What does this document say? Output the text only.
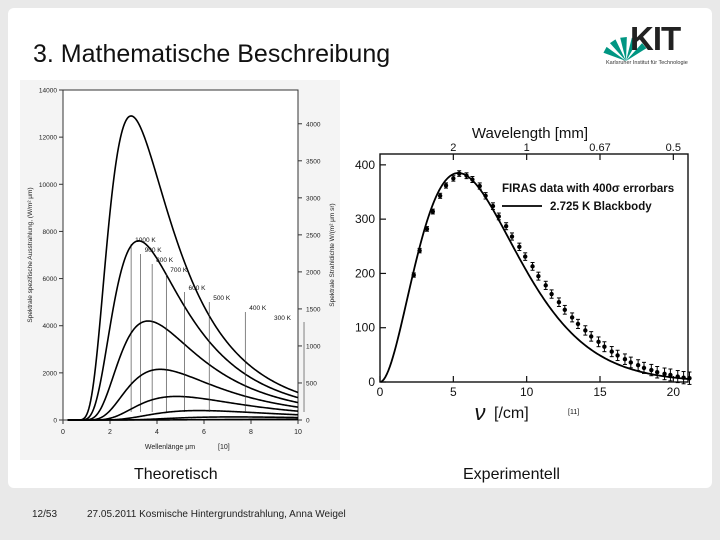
3. Mathematische Beschreibung	KIT
Karlsruher Institut für Technologie
0	2	4	6	8	10
0
2000
4000
6000
8000
10000
12000
14000
0
500
1000
1500
2000
2500
3000
3500
4000
Wellenlänge μm	[10]
Spektrale spezifische Ausstrahlung, (W/m² μm)	Spektrale Strahldichte W/(m² μm sr)
1000 K
900 K
800 K
700 K
600 K
500 K
400 K
300 K
Wavelength [mm]
2	1	0.67	0.5
0	5	10	15	20
0
100
200
300
400
ν [/cm]	[11]
FIRAS data with 400σ errorbars
2.725 K Blackbody
Theoretisch	Experimentell
12/53	27.05.2011 Kosmische Hintergrundstrahlung, Anna Weigel
